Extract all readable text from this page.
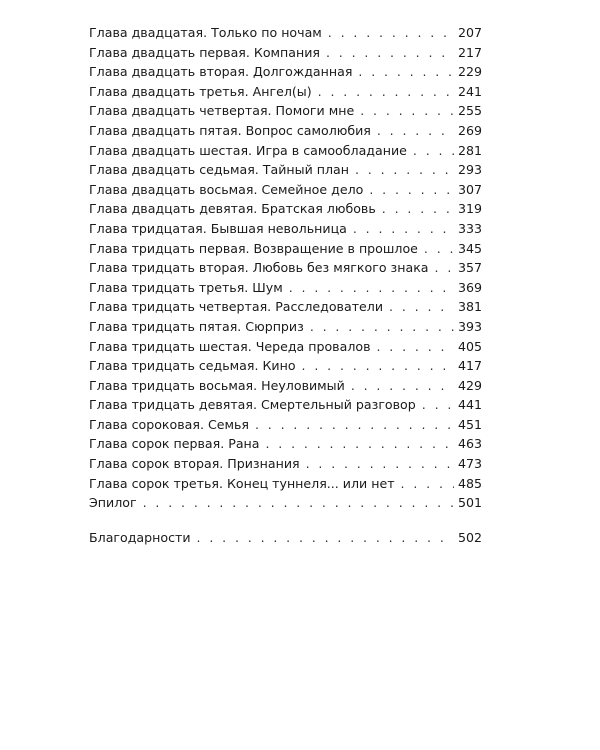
Глава двадцатая. Только по ночам . . .	207
Глава двадцать первая. Компания . . .	217
Глава двадцать вторая. Долгожданная . . .	229
Глава двадцать третья. Ангел(ы) . . .	241
Глава двадцать четвертая. Помоги мне . . .	255
Глава двадцать пятая. Вопрос самолюбия . . .	269
Глава двадцать шестая. Игра в самообладание . . .	281
Глава двадцать седьмая. Тайный план . . .	293
Глава двадцать восьмая. Семейное дело . . .	307
Глава двадцать девятая. Братская любовь . . .	319
Глава тридцатая. Бывшая невольница . . .	333
Глава тридцать первая. Возвращение в прошлое . . .	345
Глава тридцать вторая. Любовь без мягкого знака . . . 357
Глава тридцать третья. Шум . . .	369
Глава тридцать четвертая. Расследователи . . .	381
Глава тридцать пятая. Сюрприз . . .	393
Глава тридцать шестая. Череда провалов . . .	405
Глава тридцать седьмая. Кино . . .	417
Глава тридцать восьмая. Неуловимый . . .	429
Глава тридцать девятая. Смертельный разговор . . .	441
Глава сороковая. Семья . . .	451
Глава сорок первая. Рана . . .	463
Глава сорок вторая. Признания . . .	473
Глава сорок третья. Конец туннеля... или нет . . .	485
Эпилог . . .	501
Благодарности . . .	502
